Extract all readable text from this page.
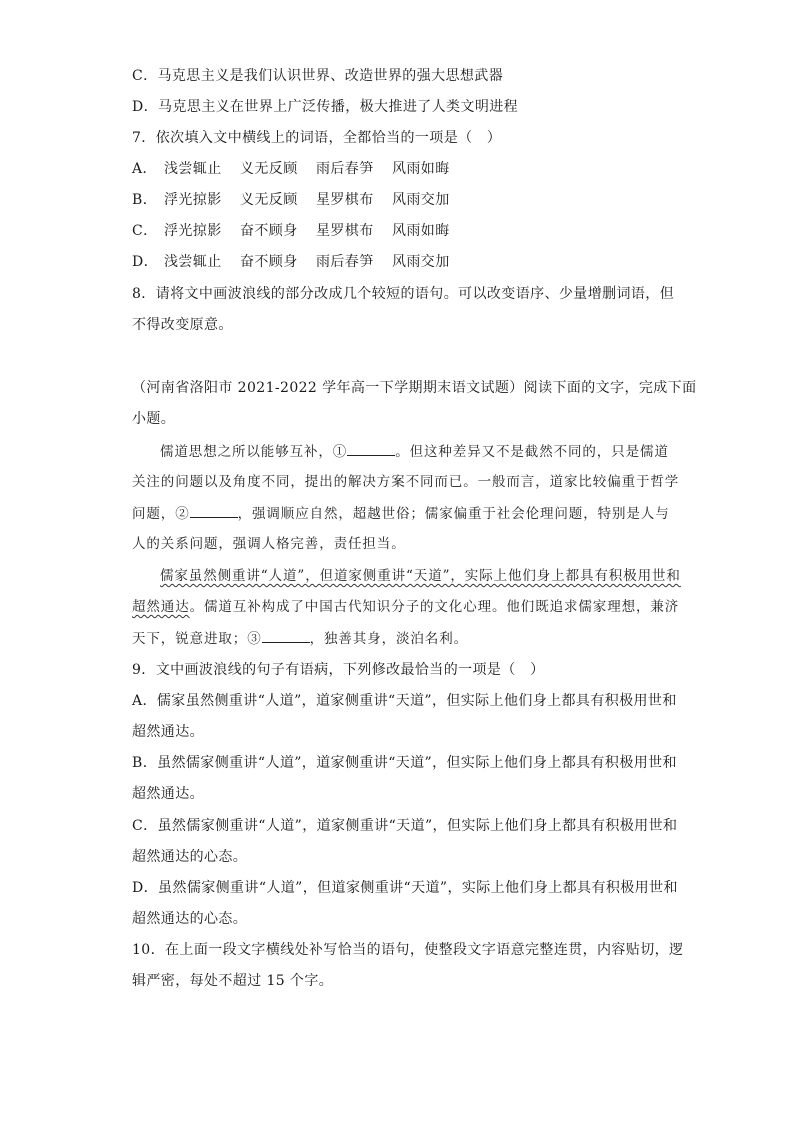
C．马克思主义是我们认识世界、改造世界的强大思想武器
D．马克思主义在世界上广泛传播，极大推进了人类文明进程
7．依次填入文中横线上的词语，全都恰当的一项是（　）
A． 浅尝辄止 义无反顾 雨后春笋 风雨如晦
B． 浮光掠影 义无反顾 星罗棋布 风雨交加
C． 浮光掠影 奋不顾身 星罗棋布 风雨如晦
D． 浅尝辄止 奋不顾身 雨后春笋 风雨交加
8．请将文中画波浪线的部分改成几个较短的语句。可以改变语序、少量增删词语，但
不得改变原意。
（河南省洛阳市 2021-2022 学年高一下学期期末语文试题）阅读下面的文字，完成下面
小题。
儒道思想之所以能够互补，①	。但这种差异又不是截然不同的，只是儒道
关注的问题以及角度不同，提出的解决方案不同而已。一般而言，道家比较偏重于哲学
问题，②	，强调顺应自然，超越世俗；儒家偏重于社会伦理问题，特别是人与
人的关系问题，强调人格完善，责任担当。
儒家虽然侧重讲“人道”，但道家侧重讲“天道”，实际上他们身上都具有积极用世和
超然通达。儒道互补构成了中国古代知识分子的文化心理。他们既追求儒家理想，兼济
天下，锐意进取；③	，独善其身，淡泊名利。
9．文中画波浪线的句子有语病，下列修改最恰当的一项是（　）
A．儒家虽然侧重讲“人道”，道家侧重讲“天道”，但实际上他们身上都具有积极用世和
超然通达。
B．虽然儒家侧重讲“人道”，道家侧重讲“天道”，但实际上他们身上都具有积极用世和
超然通达。
C．虽然儒家侧重讲“人道”，道家侧重讲“天道”，但实际上他们身上都具有积极用世和
超然通达的心态。
D．虽然儒家侧重讲“人道”，但道家侧重讲“天道”，实际上他们身上都具有积极用世和
超然通达的心态。
10．在上面一段文字横线处补写恰当的语句，使整段文字语意完整连贯，内容贴切，逻
辑严密，每处不超过 15 个字。
